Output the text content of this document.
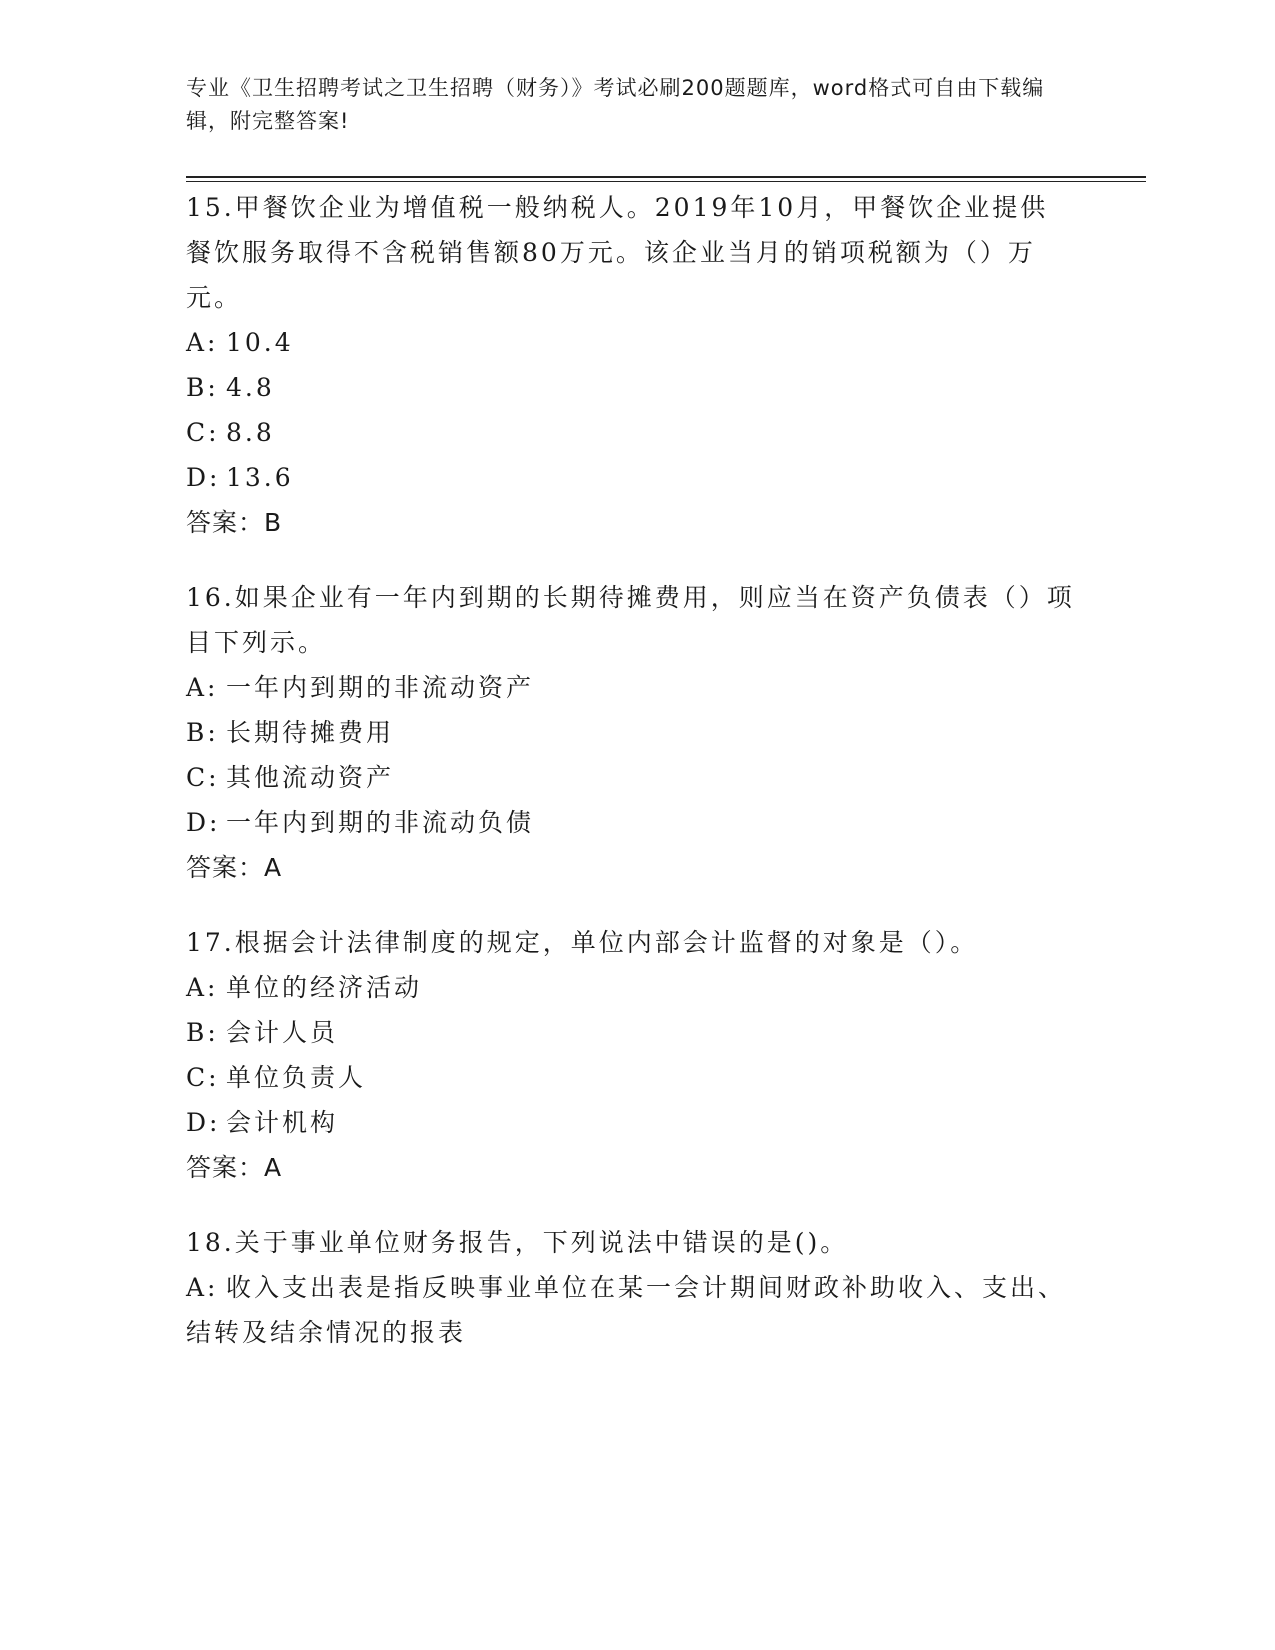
专业《卫生招聘考试之卫生招聘（财务）》考试必刷200题题库，word格式可自由下载编辑，附完整答案!
15.甲餐饮企业为增值税一般纳税人。2019年10月，甲餐饮企业提供餐饮服务取得不含税销售额80万元。该企业当月的销项税额为（）万元。
A: 10.4
B: 4.8
C: 8.8
D: 13.6
答案：B
16.如果企业有一年内到期的长期待摊费用，则应当在资产负债表（）项目下列示。
A: 一年内到期的非流动资产
B: 长期待摊费用
C: 其他流动资产
D: 一年内到期的非流动负债
答案：A
17.根据会计法律制度的规定，单位内部会计监督的对象是（）。
A: 单位的经济活动
B: 会计人员
C: 单位负责人
D: 会计机构
答案：A
18.关于事业单位财务报告，下列说法中错误的是()。
A: 收入支出表是指反映事业单位在某一会计期间财政补助收入、支出、结转及结余情况的报表
